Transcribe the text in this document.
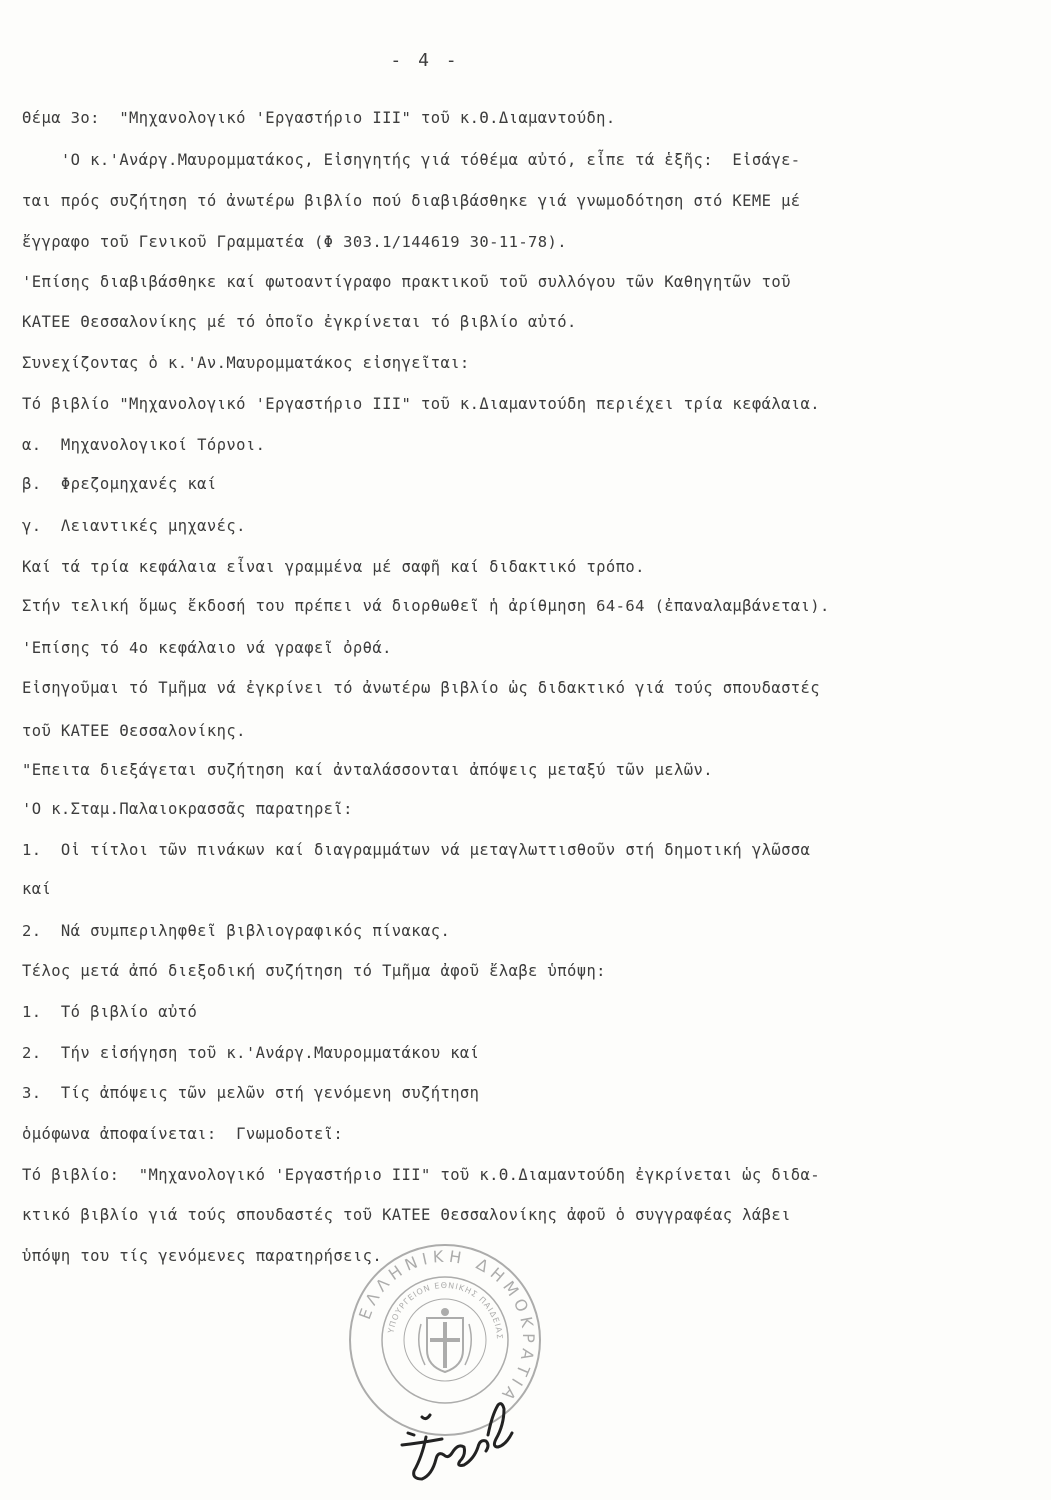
- 4 -
Θέμα 3ο:  "Μηχανολογικό 'Εργαστήριο ΙΙΙ" τοῦ κ.Θ.Διαμαντούδη.
'Ο κ.'Ανάργ.Μαυρομματάκος, Εἰσηγητής γιά τόθέμα αὐτό, εἶπε τά ἑξῆς:  Εἰσάγε-
ται πρός συζήτηση τό ἀνωτέρω βιβλίο πού διαβιβάσθηκε γιά γνωμοδότηση στό ΚΕΜΕ μέ
ἔγγραφο τοῦ Γενικοῦ Γραμματέα (Φ 303.1/144619 30-11-78).
'Επίσης διαβιβάσθηκε καί φωτοαντίγραφο πρακτικοῦ τοῦ συλλόγου τῶν Καθηγητῶν τοῦ
ΚΑΤΕΕ Θεσσαλονίκης μέ τό ὁποῖο ἐγκρίνεται τό βιβλίο αὐτό.
Συνεχίζοντας ὁ κ.'Αν.Μαυρομματάκος εἰσηγεῖται:
Τό βιβλίο "Μηχανολογικό 'Εργαστήριο ΙΙΙ" τοῦ κ.Διαμαντούδη περιέχει τρία κεφάλαια.
α.  Μηχανολογικοί Τόρνοι.
β.  Φρεζομηχανές καί
γ.  Λειαντικές μηχανές.
Καί τά τρία κεφάλαια εἶναι γραμμένα μέ σαφῆ καί διδακτικό τρόπο.
Στήν τελική ὅμως ἔκδοσή του πρέπει νά διορθωθεῖ ἡ ἀρίθμηση 64-64 (ἐπαναλαμβάνεται).
'Επίσης τό 4ο κεφάλαιο νά γραφεῖ ὀρθά.
Εἰσηγοῦμαι τό Τμῆμα νά ἐγκρίνει τό ἀνωτέρω βιβλίο ὡς διδακτικό γιά τούς σπουδαστές
τοῦ ΚΑΤΕΕ Θεσσαλονίκης.
"Επειτα διεξάγεται συζήτηση καί ἀνταλάσσονται ἀπόψεις μεταξύ τῶν μελῶν.
'Ο κ.Σταμ.Παλαιοκρασσᾶς παρατηρεῖ:
1.  Οἱ τίτλοι τῶν πινάκων καί διαγραμμάτων νά μεταγλωττισθοῦν στή δημοτική γλῶσσα
καί
2.  Νά συμπεριληφθεῖ βιβλιογραφικός πίνακας.
Τέλος μετά ἀπό διεξοδική συζήτηση τό Τμῆμα ἀφοῦ ἔλαβε ὑπόψη:
1.  Τό βιβλίο αὐτό
2.  Τήν εἰσήγηση τοῦ κ.'Ανάργ.Μαυρομματάκου καί
3.  Τίς ἀπόψεις τῶν μελῶν στή γενόμενη συζήτηση
ὁμόφωνα ἀποφαίνεται:  Γνωμοδοτεῖ:
Τό βιβλίο:  "Μηχανολογικό 'Εργαστήριο ΙΙΙ" τοῦ κ.Θ.Διαμαντούδη ἐγκρίνεται ὡς διδα-
κτικό βιβλίο γιά τούς σπουδαστές τοῦ ΚΑΤΕΕ Θεσσαλονίκης ἀφοῦ ὁ συγγραφέας λάβει
ὑπόψη του τίς γενόμενες παρατηρήσεις.
ΕΛΛΗΝΙΚΗ ΔΗΜΟΚΡΑΤΙΑ
ΥΠΟΥΡΓΕΙΟΝ ΕΘΝΙΚΗΣ ΠΑΙΔΕΙΑΣ
